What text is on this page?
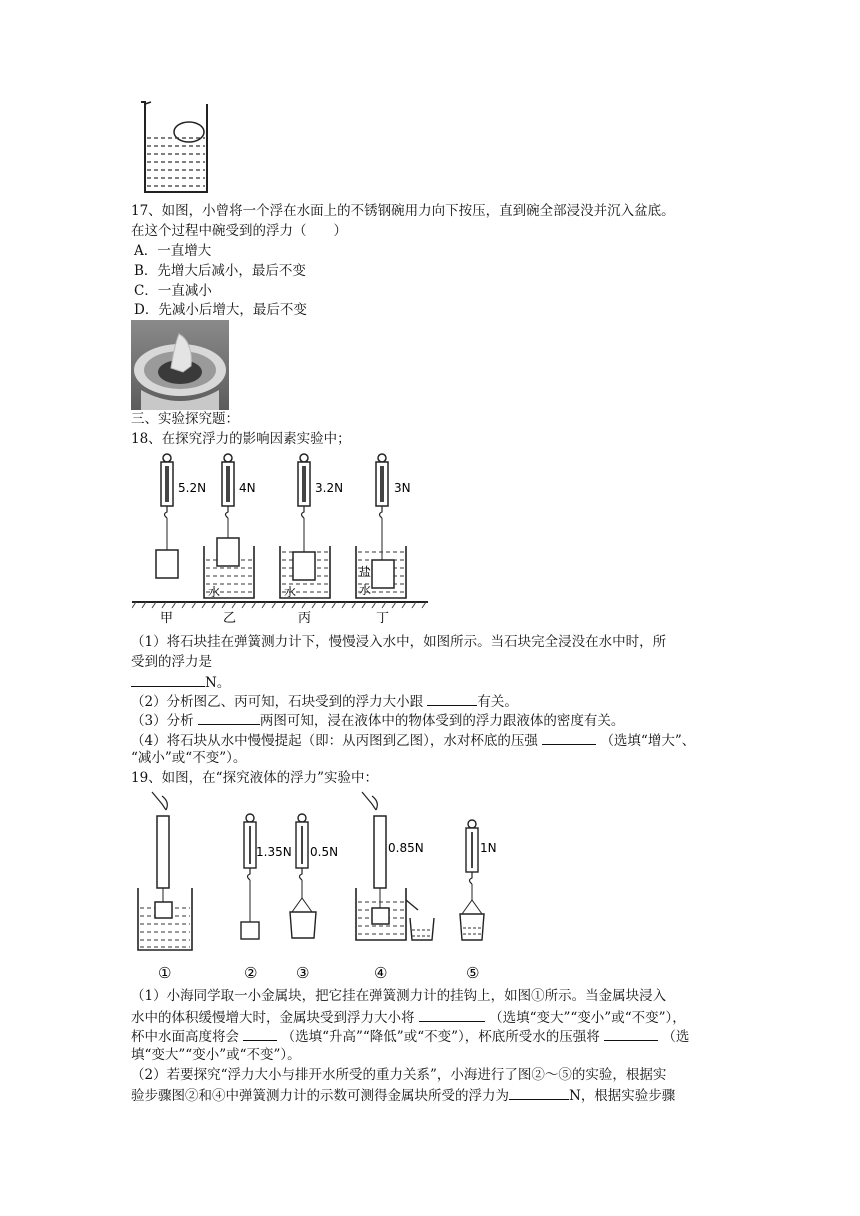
17、如图，小曾将一个浮在水面上的不锈钢碗用力向下按压，直到碗全部浸没并沉入盆底。
在这个过程中碗受到的浮力（　　）
A．一直增大
B．先增大后减小，最后不变
C．一直减小
D．先减小后增大，最后不变
三、实验探究题：
18、在探究浮力的影响因素实验中；
5.2N
水
4N
水
3.2N
盐
水
3N
甲	乙	丙	丁
（1）将石块挂在弹簧测力计下，慢慢浸入水中，如图所示。当石块完全浸没在水中时，所
受到的浮力是
N。
（2）分析图乙、丙可知，石块受到的浮力大小跟	有关。
（3）分析	两图可知，浸在液体中的物体受到的浮力跟液体的密度有关。
（4）将石块从水中慢慢提起（即：从丙图到乙图），水对杯底的压强	（选填“增大”、
“减小”或“不变”）。
19、如图，在“探究液体的浮力”实验中：
1.35N 0.5N	0.85N	1N
①	②	③	④	⑤
（1）小海同学取一小金属块，把它挂在弹簧测力计的挂钩上，如图①所示。当金属块浸入
水中的体积缓慢增大时，金属块受到浮力大小将	（选填“变大”“变小”或“不变”），
杯中水面高度将会	（选填“升高”“降低”或“不变”），杯底所受水的压强将	（选
填“变大”“变小”或“不变”）。
（2）若要探究“浮力大小与排开水所受的重力关系”，小海进行了图②～⑤的实验，根据实
验步骤图②和④中弹簧测力计的示数可测得金属块所受的浮力为	N，根据实验步骤
